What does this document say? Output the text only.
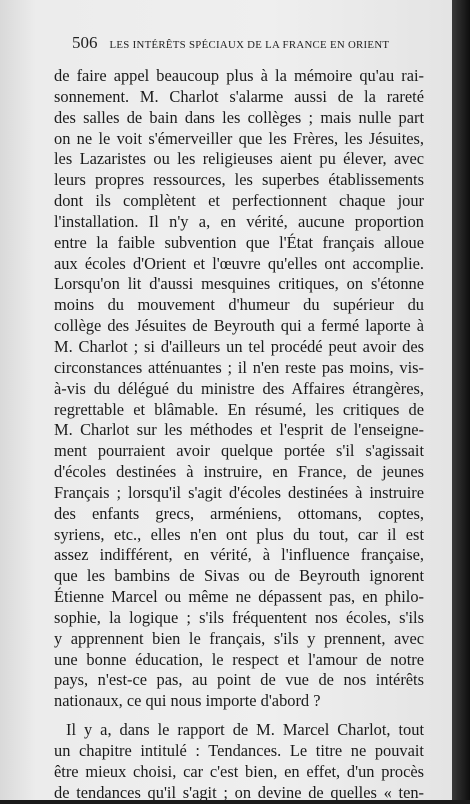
506 LES INTÉRÊTS SPÉCIAUX DE LA FRANCE EN ORIENT
de faire appel beaucoup plus à la mémoire qu'au rai-
sonnement. M. Charlot s'alarme aussi de la rareté
des salles de bain dans les collèges ; mais nulle part
on ne le voit s'émerveiller que les Frères, les Jésuites,
les Lazaristes ou les religieuses aient pu élever, avec
leurs propres ressources, les superbes établissements
dont ils complètent et perfectionnent chaque jour
l'installation. Il n'y a, en vérité, aucune proportion
entre la faible subvention que l'État français alloue
aux écoles d'Orient et l'œuvre qu'elles ont accomplie.
Lorsqu'on lit d'aussi mesquines critiques, on s'étonne
moins du mouvement d'humeur du supérieur du
collège des Jésuites de Beyrouth qui a fermé laporte à
M. Charlot ; si d'ailleurs un tel procédé peut avoir des
circonstances atténuantes ; il n'en reste pas moins, vis-
à-vis du délégué du ministre des Affaires étrangères,
regrettable et blâmable. En résumé, les critiques de
M. Charlot sur les méthodes et l'esprit de l'enseigne-
ment pourraient avoir quelque portée s'il s'agissait
d'écoles destinées à instruire, en France, de jeunes
Français ; lorsqu'il s'agit d'écoles destinées à instruire
des enfants grecs, arméniens, ottomans, coptes,
syriens, etc., elles n'en ont plus du tout, car il est
assez indifférent, en vérité, à l'influence française,
que les bambins de Sivas ou de Beyrouth ignorent
Étienne Marcel ou même ne dépassent pas, en philo-
sophie, la logique ; s'ils fréquentent nos écoles, s'ils
y apprennent bien le français, s'ils y prennent, avec
une bonne éducation, le respect et l'amour de notre
pays, n'est-ce pas, au point de vue de nos intérêts
nationaux, ce qui nous importe d'abord ?
Il y a, dans le rapport de M. Marcel Charlot, tout
un chapitre intitulé : Tendances. Le titre ne pouvait
être mieux choisi, car c'est bien, en effet, d'un procès
de tendances qu'il s'agit ; on devine de quelles « ten-
